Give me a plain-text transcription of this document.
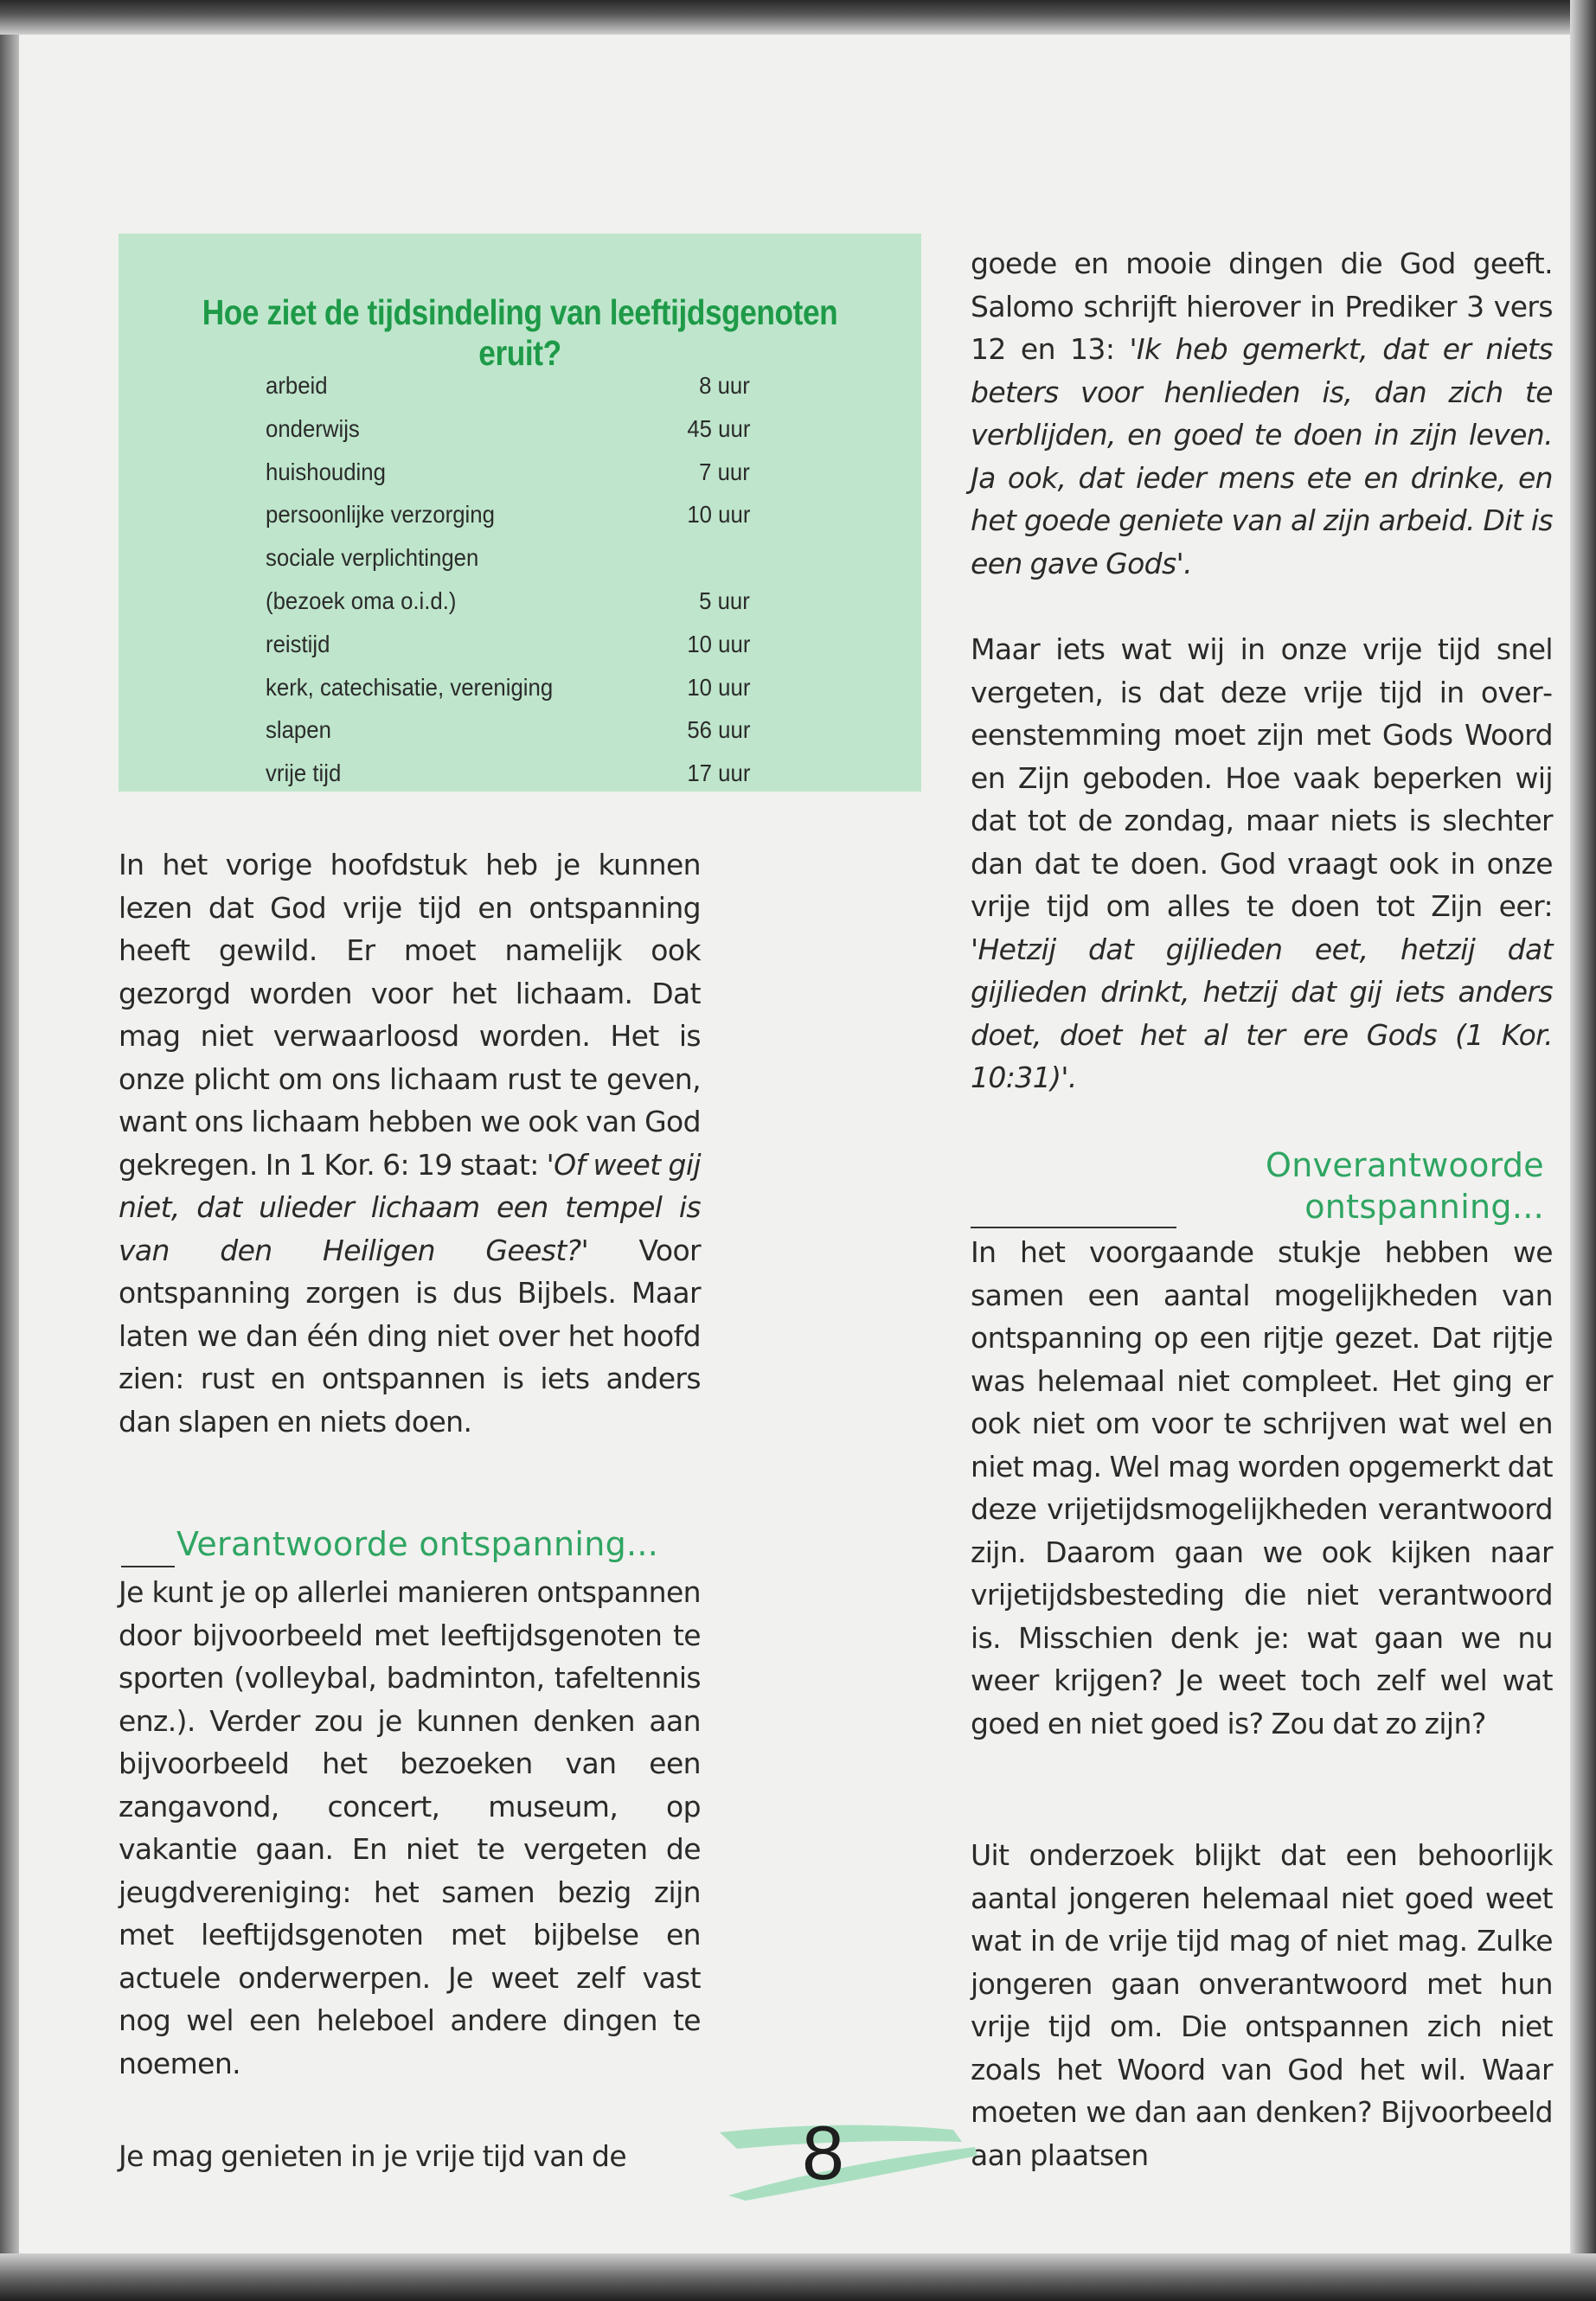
Hoe ziet de tijdsindeling van leeftijdsgenoten eruit?
arbeid	8 uur
onderwijs	45 uur
huishouding	7 uur
persoonlijke verzorging	10 uur
sociale verplichtingen
(bezoek oma o.i.d.)	5 uur
reistijd	10 uur
kerk, catechisatie, vereniging	10 uur
slapen	56 uur
vrije tijd	17 uur
In het vorige hoofdstuk heb je kunnen lezen dat God vrije tijd en ontspanning heeft gewild. Er moet namelijk ook gezorgd worden voor het lichaam. Dat mag niet verwaarloosd worden. Het is onze plicht om ons lichaam rust te geven, want ons lichaam hebben we ook van God gekregen. In 1 Kor. 6: 19 staat: 'Of weet gij niet, dat ulieder lichaam een tempel is van den Heiligen Geest?' Voor ontspanning zorgen is dus Bijbels. Maar laten we dan één ding niet over het hoofd zien: rust en ontspannen is iets anders dan slapen en niets doen.
Verantwoorde ontspanning...
Je kunt je op allerlei manieren ontspannen door bijvoorbeeld met leeftijdsgenoten te sporten (volleybal, badminton, tafeltennis enz.). Verder zou je kunnen denken aan bijvoorbeeld het bezoeken van een zangavond, concert, museum, op vakantie gaan. En niet te vergeten de jeugdvereniging: het samen bezig zijn met leeftijdsgenoten met bijbelse en actuele onderwerpen. Je weet zelf vast nog wel een heleboel andere dingen te noemen.
Je mag genieten in je vrije tijd van de
goede en mooie dingen die God geeft. Salomo schrijft hierover in Prediker 3 vers 12 en 13: 'Ik heb gemerkt, dat er niets beters voor henlieden is, dan zich te verblijden, en goed te doen in zijn leven. Ja ook, dat ieder mens ete en drinke, en het goede geniete van al zijn arbeid. Dit is een gave Gods'.
Maar iets wat wij in onze vrije tijd snel vergeten, is dat deze vrije tijd in overeenstemming moet zijn met Gods Woord en Zijn geboden. Hoe vaak beperken wij dat tot de zondag, maar niets is slechter dan dat te doen. God vraagt ook in onze vrije tijd om alles te doen tot Zijn eer: 'Hetzij dat gijlieden eet, hetzij dat gijlieden drinkt, hetzij dat gij iets anders doet, doet het al ter ere Gods (1 Kor. 10:31)'.
Onverantwoorde
ontspanning...
In het voorgaande stukje hebben we samen een aantal mogelijkheden van ontspanning op een rijtje gezet. Dat rijtje was helemaal niet compleet. Het ging er ook niet om voor te schrijven wat wel en niet mag. Wel mag worden opgemerkt dat deze vrijetijdsmogelijkheden verantwoord zijn. Daarom gaan we ook kijken naar vrijetijdsbesteding die niet verantwoord is. Misschien denk je: wat gaan we nu weer krijgen? Je weet toch zelf wel wat goed en niet goed is? Zou dat zo zijn?
Uit onderzoek blijkt dat een behoorlijk aantal jongeren helemaal niet goed weet wat in de vrije tijd mag of niet mag. Zulke jongeren gaan onverantwoord met hun vrije tijd om. Die ontspannen zich niet zoals het Woord van God het wil. Waar moeten we dan aan denken? Bijvoorbeeld aan plaatsen
8
